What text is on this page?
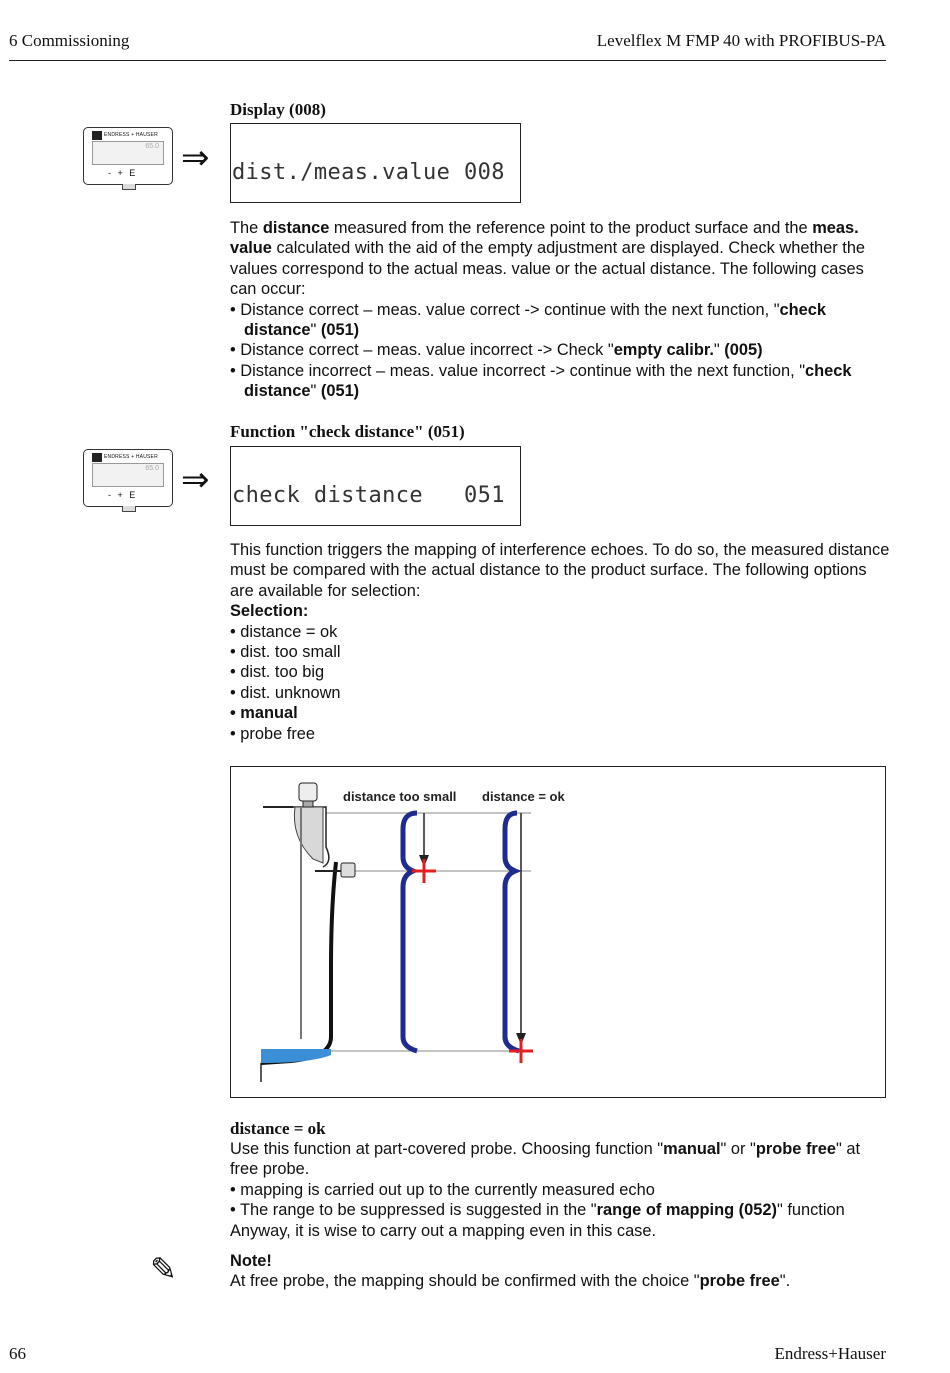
6 Commissioning	Levelflex M FMP 40 with PROFIBUS-PA
Display (008)
ENDRESS + HAUSER
65.0
- + E ⇒

dist./meas.value 008

The distance measured from the reference point to the product surface and the meas. value calculated with the aid of the empty adjustment are displayed. Check whether the values correspond to the actual meas. value or the actual distance. The following cases can occur:

• Distance correct – meas. value correct -> continue with the next function, "check distance" (051)

• Distance correct – meas. value incorrect -> Check "empty calibr." (005)

• Distance incorrect – meas. value incorrect -> continue with the next function, "check distance" (051)

Function "check distance" (051)
ENDRESS + HAUSER
65.0
- + E ⇒

check distance   051

This function triggers the mapping of interference echoes. To do so, the measured distance must be compared with the actual distance to the product surface. The following options are available for selection:

Selection:

• distance = ok

• dist. too small

• dist. too big

• dist. unknown

• manual

• probe free

distance too small distance = ok
distance = ok

Use this function at part-covered probe. Choosing function "manual" or "probe free" at free probe.

• mapping is carried out up to the currently measured echo

• The range to be suppressed is suggested in the "range of mapping (052)" function

Anyway, it is wise to carry out a mapping even in this case.

✎	Note!

At free probe, the mapping should be confirmed with the choice "probe free".

66	Endress+Hauser
